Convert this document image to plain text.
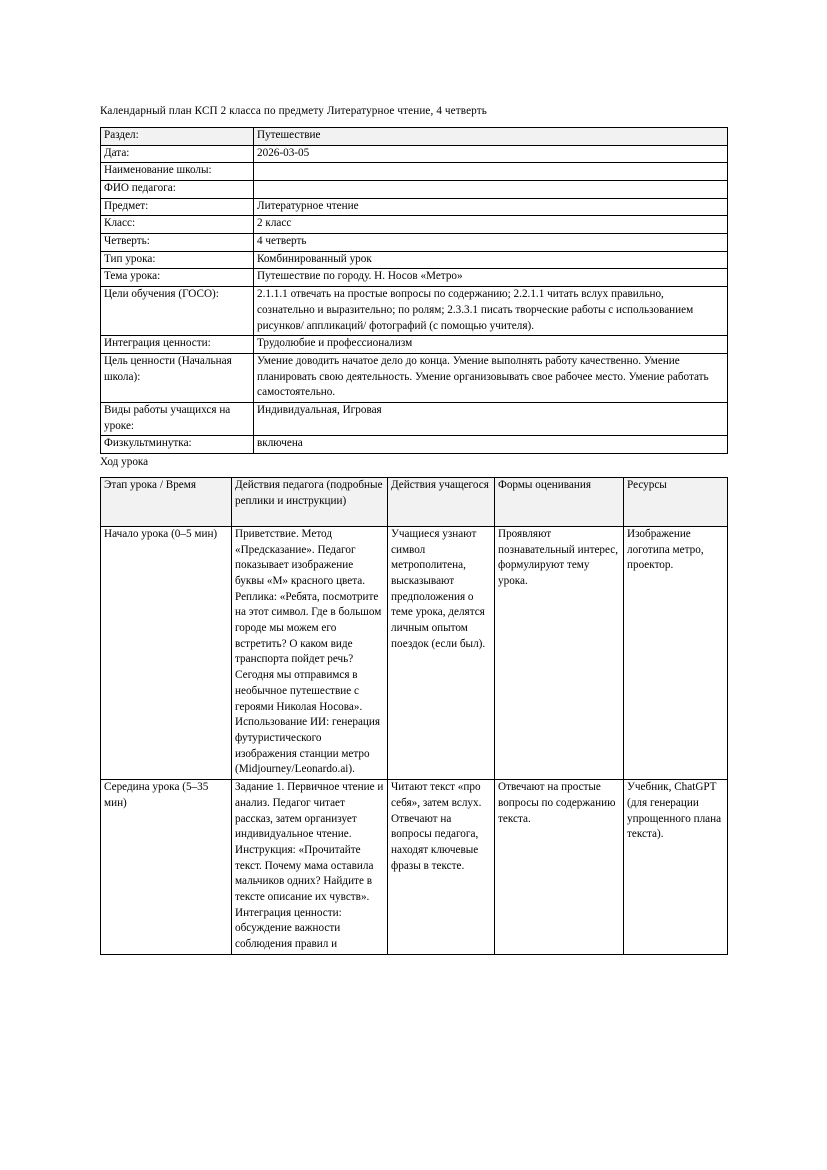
Календарный план КСП 2 класса по предмету Литературное чтение, 4 четверть
Раздел:	Путешествие
Дата:	2026-03-05
Наименование школы:	
ФИО педагога:	
Предмет:	Литературное чтение
Класс:	2 класс
Четверть:	4 четверть
Тип урока:	Комбинированный урок
Тема урока:	Путешествие по городу. Н. Носов «Метро»
Цели обучения (ГОСО):	2.1.1.1 отвечать на простые вопросы по содержанию; 2.2.1.1 читать вслух правильно, сознательно и выразительно; по ролям; 2.3.3.1 писать творческие работы с использованием рисунков/ аппликаций/ фотографий (с помощью учителя).
Интеграция ценности:	Трудолюбие и профессионализм
Цель ценности (Начальная школа):	Умение доводить начатое дело до конца. Умение выполнять работу качественно. Умение планировать свою деятельность. Умение организовывать свое рабочее место. Умение работать самостоятельно.
Виды работы учащихся на уроке:	Индивидуальная, Игровая
Физкультминутка:	включена
Ход урока
Этап урока / Время	Действия педагога (подробные реплики и инструкции)	Действия учащегося	Формы оценивания	Ресурсы
Начало урока (0–5 мин)	Приветствие. Метод «Предсказание». Педагог показывает изображение буквы «М» красного цвета. Реплика: «Ребята, посмотрите на этот символ. Где в большом городе мы можем его встретить? О каком виде транспорта пойдет речь? Сегодня мы отправимся в необычное путешествие с героями Николая Носова». Использование ИИ: генерация футуристического изображения станции метро (Midjourney/Leonardo.ai).	Учащиеся узнают символ метрополитена, высказывают предположения о теме урока, делятся личным опытом поездок (если был).	Проявляют познавательный интерес, формулируют тему урока.	Изображение логотипа метро, проектор.
Середина урока (5–35 мин)	Задание 1. Первичное чтение и анализ. Педагог читает рассказ, затем организует индивидуальное чтение. Инструкция: «Прочитайте текст. Почему мама оставила мальчиков одних? Найдите в тексте описание их чувств». Интеграция ценности: обсуждение важности соблюдения правил и	Читают текст «про себя», затем вслух. Отвечают на вопросы педагога, находят ключевые фразы в тексте.	Отвечают на простые вопросы по содержанию текста.	Учебник, ChatGPT (для генерации упрощенного плана текста).
